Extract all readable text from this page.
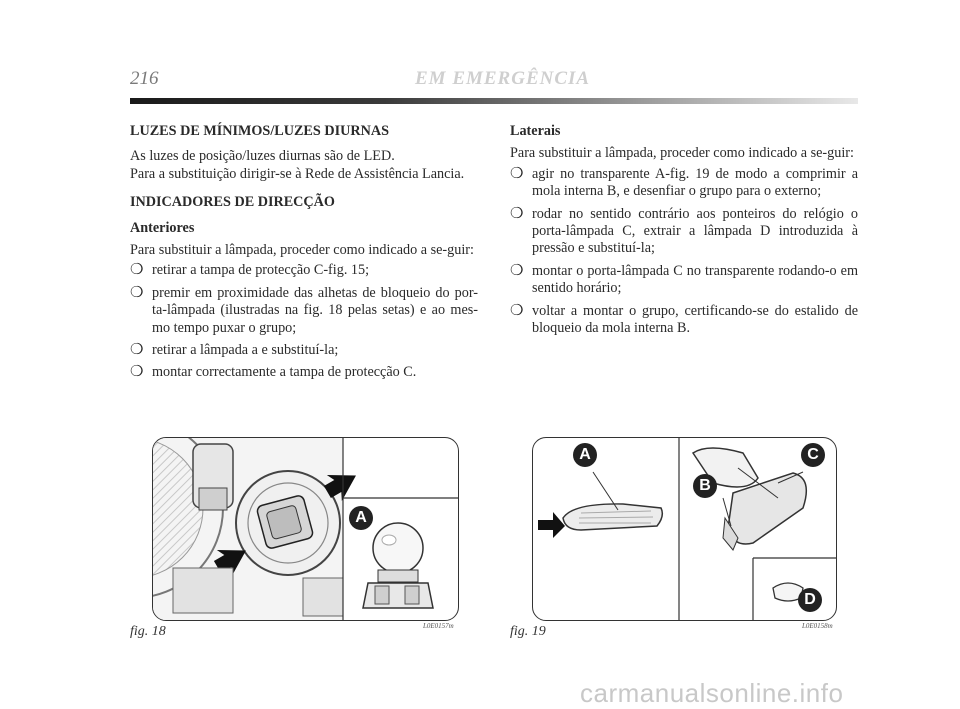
216	EM EMERGÊNCIA
LUZES DE MÍNIMOS/LUZES DIURNAS
As luzes de posição/luzes diurnas são de LED.
Para a substituição dirigir-se à Rede de Assistência Lancia.
INDICADORES DE DIRECÇÃO
Anteriores
Para substituir a lâmpada, proceder como indicado a se-guir:
❍ retirar a tampa de protecção C-fig. 15;
❍ premir em proximidade das alhetas de bloqueio do por-ta-lâmpada (ilustradas na fig. 18 pelas setas) e ao mes-mo tempo puxar o grupo;
❍ retirar a lâmpada a e substituí-la;
❍ montar correctamente a tampa de protecção C.
Laterais
Para substituir a lâmpada, proceder como indicado a se-guir:
❍ agir no transparente A-fig. 19 de modo a comprimir a mola interna B, e desenfiar o grupo para o externo;
❍ rodar no sentido contrário aos ponteiros do relógio o porta-lâmpada C, extrair a lâmpada D introduzida à pressão e substituí-la;
❍ montar o porta-lâmpada C no transparente rodando-o em sentido horário;
❍ voltar a montar o grupo, certificando-se do estalido de bloqueio da mola interna B.
A
fig. 18	L0E0157m
A
B
C
D
fig. 19	L0E0158m
carmanualsonline.info
